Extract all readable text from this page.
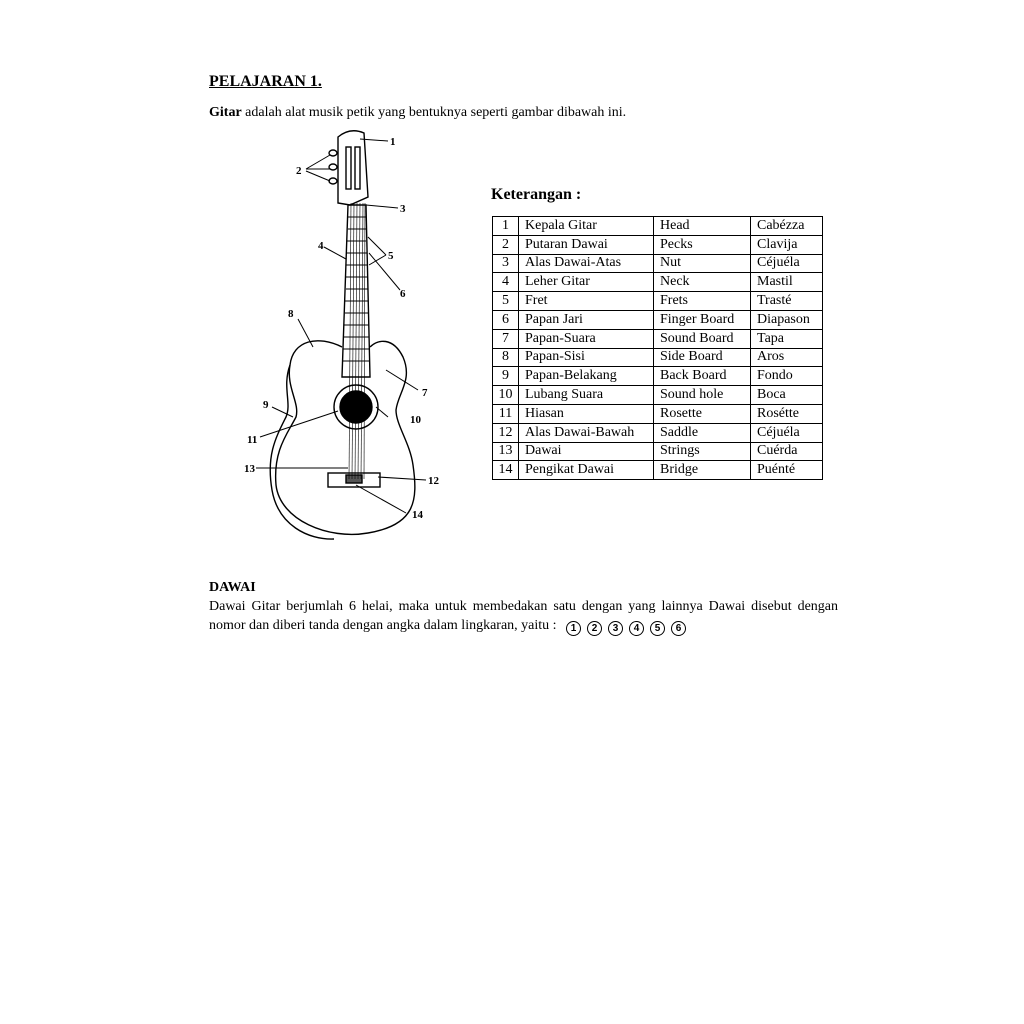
PELAJARAN 1.

Gitar adalah alat musik petik yang bentuknya seperti gambar dibawah ini.

1
2
3
4
5
6
7
8
9
10
11
12
13
14
Keterangan :
1	Kepala Gitar	Head	Cabézza
2	Putaran Dawai	Pecks	Clavija
3	Alas Dawai-Atas	Nut	Céjuéla
4	Leher Gitar	Neck	Mastil
5	Fret	Frets	Trasté
6	Papan Jari	Finger Board	Diapason
7	Papan-Suara	Sound Board	Tapa
8	Papan-Sisi	Side Board	Aros
9	Papan-Belakang	Back Board	Fondo
10	Lubang Suara	Sound hole	Boca
11	Hiasan	Rosette	Rosétte
12	Alas Dawai-Bawah	Saddle	Céjuéla
13	Dawai	Strings	Cuérda
14	Pengikat Dawai	Bridge	Puénté
DAWAI

Dawai Gitar berjumlah 6 helai, maka untuk membedakan satu dengan yang lainnya Dawai disebut dengan nomor dan diberi tanda dengan angka dalam lingkaran, yaitu : 1 2 3 4 5 6
